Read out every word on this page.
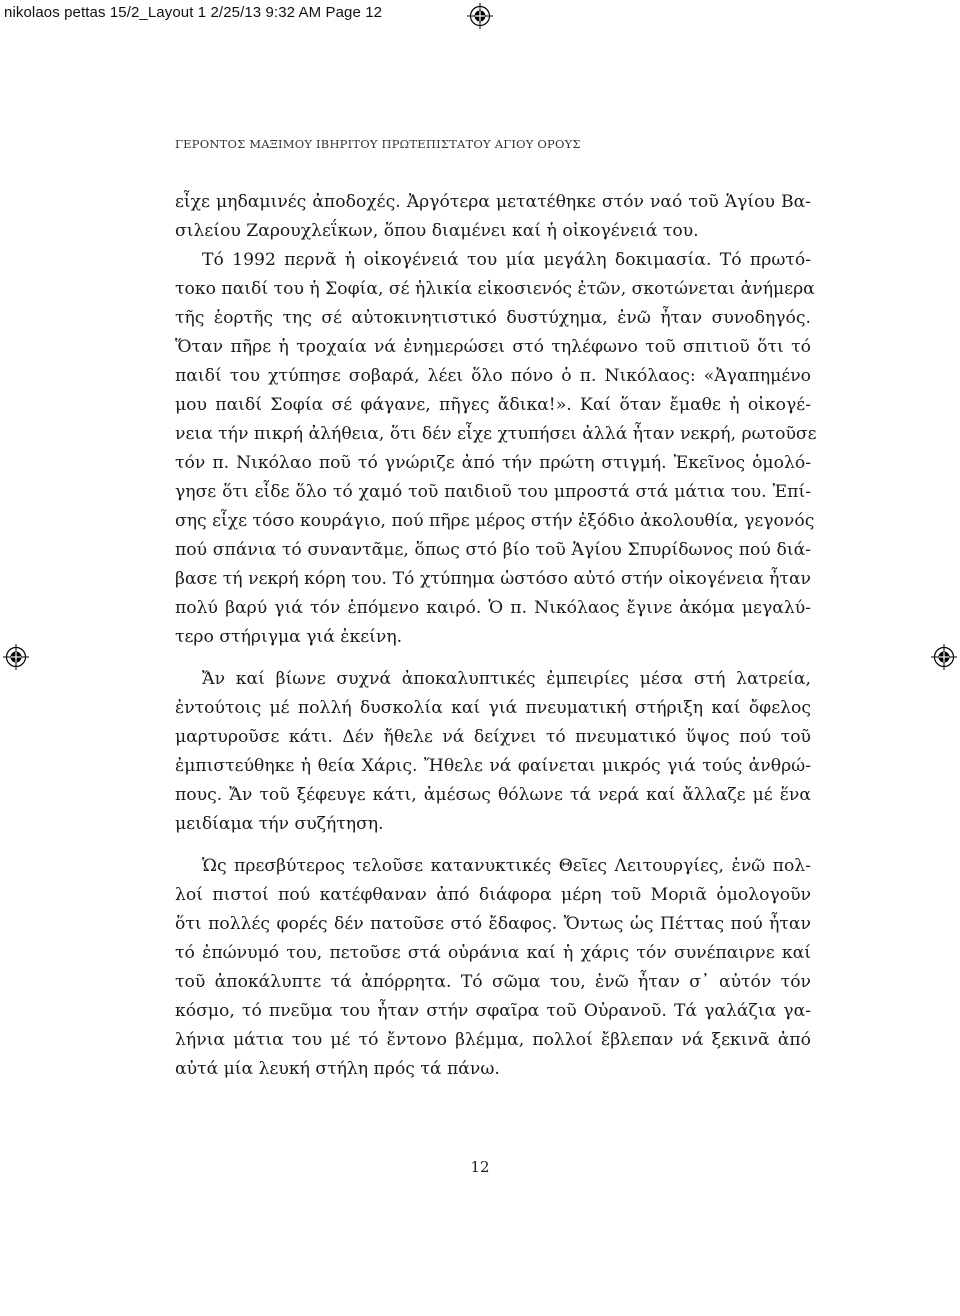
nikolaos pettas 15/2_Layout 1 2/25/13 9:32 AM Page 12
ΓΕΡΟΝΤΟΣ ΜΑΞΙΜΟΥ ΙΒΗΡΙΤΟΥ ΠΡΩΤΕΠΙΣΤΑΤΟΥ ΑΓΙΟΥ ΟΡΟΥΣ
εἶχε μηδαμινές ἀποδοχές. Ἀργότερα μετατέθηκε στόν ναό τοῦ Ἁγίου Βα-
σιλείου Ζαρουχλεΐκων, ὅπου διαμένει καί ἡ οἰκογένειά του.
Τό 1992 περνᾶ ἡ οἰκογένειά του μία μεγάλη δοκιμασία. Τό πρωτό-
τοκο παιδί του ἡ Σοφία, σέ ἡλικία εἰκοσιενός ἐτῶν, σκοτώνεται ἀνήμερα
τῆς ἑορτῆς της σέ αὐτοκινητιστικό δυστύχημα, ἐνῶ ἦταν συνοδηγός.
Ὅταν πῆρε ἡ τροχαία νά ἐνημερώσει στό τηλέφωνο τοῦ σπιτιοῦ ὅτι τό
παιδί του χτύπησε σοβαρά, λέει ὅλο πόνο ὁ π. Νικόλαος: «Ἀγαπημένο
μου παιδί Σοφία σέ φάγανε, πῆγες ἄδικα!». Καί ὅταν ἔμαθε ἡ οἰκογέ-
νεια τήν πικρή ἀλήθεια, ὅτι δέν εἶχε χτυπήσει ἀλλά ἦταν νεκρή, ρωτοῦσε
τόν π. Νικόλαο ποῦ τό γνώριζε ἀπό τήν πρώτη στιγμή. Ἐκεῖνος ὁμολό-
γησε ὅτι εἶδε ὅλο τό χαμό τοῦ παιδιοῦ του μπροστά στά μάτια του. Ἐπί-
σης εἶχε τόσο κουράγιο, πού πῆρε μέρος στήν ἐξόδιο ἀκολουθία, γεγονός
πού σπάνια τό συναντᾶμε, ὅπως στό βίο τοῦ Ἁγίου Σπυρίδωνος πού διά-
βασε τή νεκρή κόρη του. Τό χτύπημα ὡστόσο αὐτό στήν οἰκογένεια ἦταν
πολύ βαρύ γιά τόν ἑπόμενο καιρό. Ὁ π. Νικόλαος ἔγινε ἀκόμα μεγαλύ-
τερο στήριγμα γιά ἐκείνη.
Ἄν καί βίωνε συχνά ἀποκαλυπτικές ἐμπειρίες μέσα στή λατρεία,
ἐντούτοις μέ πολλή δυσκολία καί γιά πνευματική στήριξη καί ὄφελος
μαρτυροῦσε κάτι. Δέν ἤθελε νά δείχνει τό πνευματικό ὕψος πού τοῦ
ἐμπιστεύθηκε ἡ θεία Χάρις. Ἤθελε νά φαίνεται μικρός γιά τούς ἀνθρώ-
πους. Ἄν τοῦ ξέφευγε κάτι, ἀμέσως θόλωνε τά νερά καί ἄλλαζε μέ ἕνα
μειδίαμα τήν συζήτηση.
Ὡς πρεσβύτερος τελοῦσε κατανυκτικές Θεῖες Λειτουργίες, ἐνῶ πολ-
λοί πιστοί πού κατέφθαναν ἀπό διάφορα μέρη τοῦ Μοριᾶ ὁμολογοῦν
ὅτι πολλές φορές δέν πατοῦσε στό ἔδαφος. Ὄντως ὡς Πέττας πού ἦταν
τό ἐπώνυμό του, πετοῦσε στά οὐράνια καί ἡ χάρις τόν συνέπαιρνε καί
τοῦ ἀποκάλυπτε τά ἀπόρρητα. Τό σῶμα του, ἐνῶ ἦταν σ᾽ αὐτόν τόν
κόσμο, τό πνεῦμα του ἦταν στήν σφαῖρα τοῦ Οὐρανοῦ. Τά γαλάζια γα-
λήνια μάτια του μέ τό ἔντονο βλέμμα, πολλοί ἔβλεπαν νά ξεκινᾶ ἀπό
αὐτά μία λευκή στήλη πρός τά πάνω.
12
